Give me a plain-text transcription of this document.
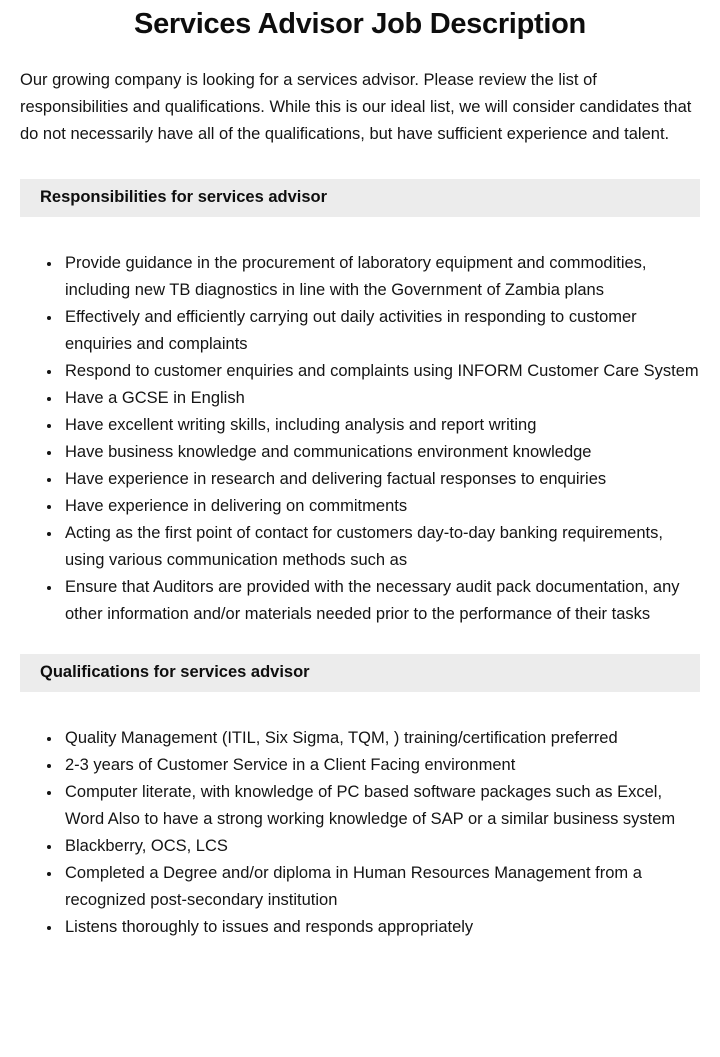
Services Advisor Job Description

Our growing company is looking for a services advisor. Please review the list of responsibilities and qualifications. While this is our ideal list, we will consider candidates that do not necessarily have all of the qualifications, but have sufficient experience and talent.

Responsibilities for services advisor
• Provide guidance in the procurement of laboratory equipment and commodities, including new TB diagnostics in line with the Government of Zambia plans
• Effectively and efficiently carrying out daily activities in responding to customer enquiries and complaints
• Respond to customer enquiries and complaints using INFORM Customer Care System
• Have a GCSE in English
• Have excellent writing skills, including analysis and report writing
• Have business knowledge and communications environment knowledge
• Have experience in research and delivering factual responses to enquiries
• Have experience in delivering on commitments
• Acting as the first point of contact for customers day-to-day banking requirements, using various communication methods such as
• Ensure that Auditors are provided with the necessary audit pack documentation, any other information and/or materials needed prior to the performance of their tasks
Qualifications for services advisor
• Quality Management (ITIL, Six Sigma, TQM, ) training/certification preferred
• 2-3 years of Customer Service in a Client Facing environment
• Computer literate, with knowledge of PC based software packages such as Excel, Word Also to have a strong working knowledge of SAP or a similar business system
• Blackberry, OCS, LCS
• Completed a Degree and/or diploma in Human Resources Management from a recognized post-secondary institution
• Listens thoroughly to issues and responds appropriately
